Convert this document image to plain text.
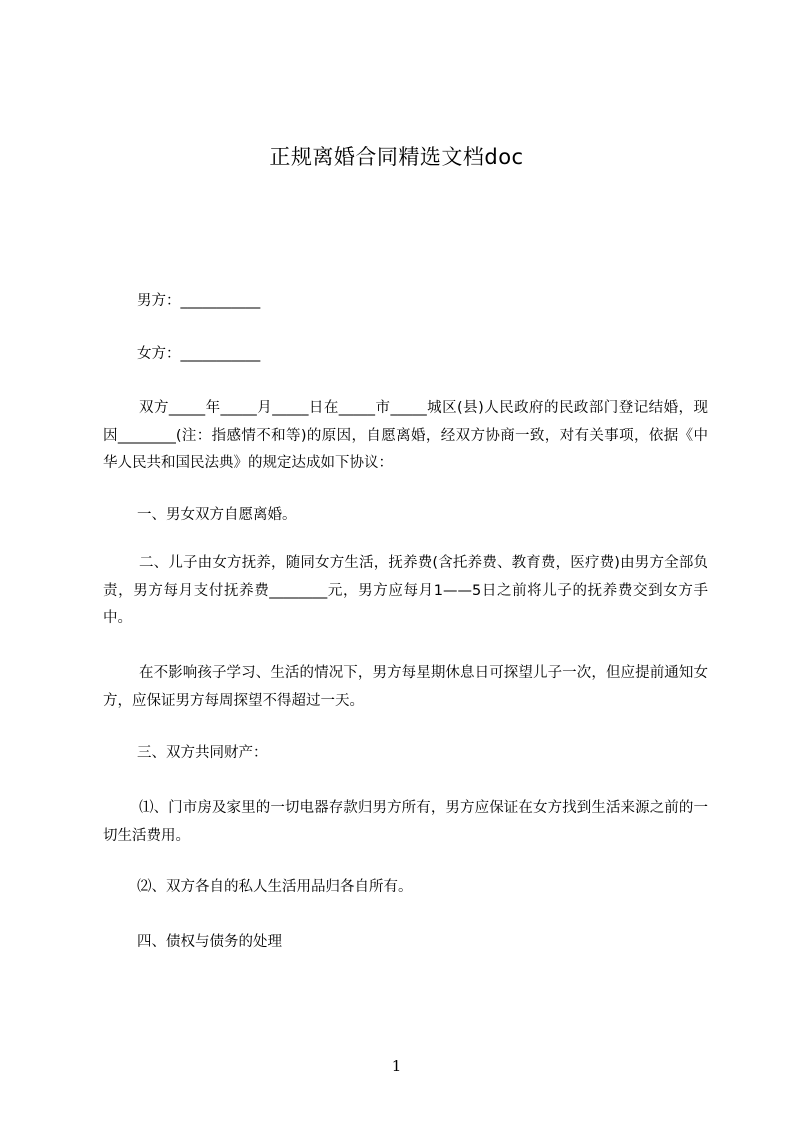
正规离婚合同精选文档doc
男方：___________
女方：___________
双方_____年_____月_____日在_____市_____城区(县)人民政府的民政部门登记结婚，现因________(注：指感情不和等)的原因，自愿离婚，经双方协商一致，对有关事项，依据《中华人民共和国民法典》的规定达成如下协议：
一、男女双方自愿离婚。
二、儿子由女方抚养，随同女方生活，抚养费(含托养费、教育费，医疗费)由男方全部负责，男方每月支付抚养费________元，男方应每月1——5日之前将儿子的抚养费交到女方手中。
在不影响孩子学习、生活的情况下，男方每星期休息日可探望儿子一次，但应提前通知女方，应保证男方每周探望不得超过一天。
三、双方共同财产：
⑴、门市房及家里的一切电器存款归男方所有，男方应保证在女方找到生活来源之前的一切生活费用。
⑵、双方各自的私人生活用品归各自所有。
四、债权与债务的处理
1
